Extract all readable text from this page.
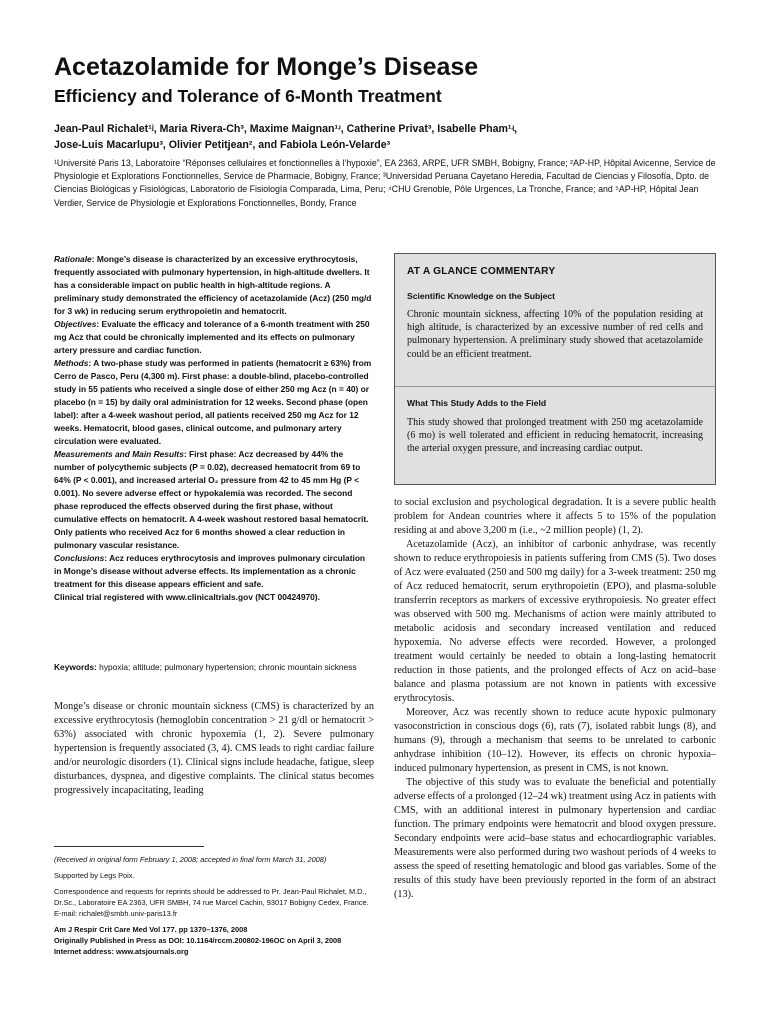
Acetazolamide for Monge’s Disease
Efficiency and Tolerance of 6-Month Treatment
Jean-Paul Richalet¹ʲ, Maria Rivera-Ch³, Maxime Maignan¹ʴ, Catherine Privat³, Isabelle Pham¹ʵ,
Jose-Luis Macarlupu³, Olivier Petitjean², and Fabiola León-Velarde³

¹Université Paris 13, Laboratoire “Réponses cellulaires et fonctionnelles à l’hypoxie”, EA 2363, ARPE, UFR SMBH, Bobigny, France; ²AP-HP, Hôpital Avicenne, Service de Physiologie et Explorations Fonctionnelles, Service de Pharmacie, Bobigny, France; ³Universidad Peruana Cayetano Heredia, Facultad de Ciencias y Filosofía, Dpto. de Ciencias Biológicas y Fisiológicas, Laboratorio de Fisiología Comparada, Lima, Peru; ⁴CHU Grenoble, Pôle Urgences, La Tronche, France; and ⁵AP-HP, Hôpital Jean Verdier, Service de Physiologie et Explorations Fonctionnelles, Bondy, France

Rationale: Monge’s disease is characterized by an excessive erythrocytosis, frequently associated with pulmonary hypertension, in high-altitude dwellers. It has a considerable impact on public health in high-altitude regions. A preliminary study demonstrated the efficiency of acetazolamide (Acz) (250 mg/d for 3 wk) in reducing serum erythropoietin and hematocrit.

Objectives: Evaluate the efficacy and tolerance of a 6-month treatment with 250 mg Acz that could be chronically implemented and its effects on pulmonary artery pressure and cardiac function.

Methods: A two-phase study was performed in patients (hematocrit ≥ 63%) from Cerro de Pasco, Peru (4,300 m). First phase: a double-blind, placebo-controlled study in 55 patients who received a single dose of either 250 mg Acz (n = 40) or placebo (n = 15) by daily oral administration for 12 weeks. Second phase (open label): after a 4-week washout period, all patients received 250 mg Acz for 12 weeks. Hematocrit, blood gases, clinical outcome, and pulmonary artery circulation were evaluated.

Measurements and Main Results: First phase: Acz decreased by 44% the number of polycythemic subjects (P = 0.02), decreased hematocrit from 69 to 64% (P < 0.001), and increased arterial O₂ pressure from 42 to 45 mm Hg (P < 0.001). No severe adverse effect or hypokalemia was recorded. The second phase reproduced the effects observed during the first phase, without cumulative effects on hematocrit. A 4-week washout restored basal hematocrit. Only patients who received Acz for 6 months showed a clear reduction in pulmonary vascular resistance.

Conclusions: Acz reduces erythrocytosis and improves pulmonary circulation in Monge’s disease without adverse effects. Its implementation as a chronic treatment for this disease appears efficient and safe.

Clinical trial registered with www.clinicaltrials.gov (NCT 00424970).

Keywords: hypoxia; altitude; pulmonary hypertension; chronic mountain sickness

Monge’s disease or chronic mountain sickness (CMS) is characterized by an excessive erythrocytosis (hemoglobin concentration > 21 g/dl or hematocrit > 63%) associated with chronic hypoxemia (1, 2). Severe pulmonary hypertension is frequently associated (3, 4). CMS leads to right cardiac failure and/or neurologic disorders (1). Clinical signs include headache, fatigue, sleep disturbances, dyspnea, and digestive complaints. The clinical status becomes progressively incapacitating, leading

(Received in original form February 1, 2008; accepted in final form March 31, 2008)

Supported by Legs Poix.

Correspondence and requests for reprints should be addressed to Pr. Jean-Paul Richalet, M.D., Dr.Sc., Laboratoire EA 2363, UFR SMBH, 74 rue Marcel Cachin, 93017 Bobigny Cedex, France. E-mail: richalet@smbh.univ-paris13.fr

Am J Respir Crit Care Med Vol 177. pp 1370–1376, 2008

Originally Published in Press as DOI: 10.1164/rccm.200802-196OC on April 3, 2008

Internet address: www.atsjournals.org

AT A GLANCE COMMENTARY

Scientific Knowledge on the Subject

Chronic mountain sickness, affecting 10% of the population residing at high altitude, is characterized by an excessive number of red cells and pulmonary hypertension. A preliminary study showed that acetazolamide could be an efficient treatment.

What This Study Adds to the Field

This study showed that prolonged treatment with 250 mg acetazolamide (6 mo) is well tolerated and efficient in reducing hematocrit, increasing the arterial oxygen pressure, and increasing cardiac output.

to social exclusion and psychological degradation. It is a severe public health problem for Andean countries where it affects 5 to 15% of the population residing at and above 3,200 m (i.e., ~2 million people) (1, 2).

Acetazolamide (Acz), an inhibitor of carbonic anhydrase, was recently shown to reduce erythropoiesis in patients suffering from CMS (5). Two doses of Acz were evaluated (250 and 500 mg daily) for a 3-week treatment: 250 mg of Acz reduced hematocrit, serum erythropoietin (EPO), and plasma-soluble transferrin receptors as markers of excessive erythropoiesis. No greater effect was observed with 500 mg. Mechanisms of action were mainly attributed to metabolic acidosis and secondary increased ventilation and reduced hypoxemia. No adverse effects were recorded. However, a prolonged treatment would certainly be needed to obtain a long-lasting hematocrit reduction in those patients, and the prolonged effects of Acz on acid–base balance and plasma potassium are not known in patients with excessive erythrocytosis.

Moreover, Acz was recently shown to reduce acute hypoxic pulmonary vasoconstriction in conscious dogs (6), rats (7), isolated rabbit lungs (8), and humans (9), through a mechanism that seems to be unrelated to carbonic anhydrase inhibition (10–12). However, its effects on chronic hypoxia–induced pulmonary hypertension, as present in CMS, is not known.

The objective of this study was to evaluate the beneficial and potentially adverse effects of a prolonged (12–24 wk) treatment using Acz in patients with CMS, with an additional interest in pulmonary hypertension and cardiac function. The primary endpoints were hematocrit and blood oxygen pressure. Secondary endpoints were acid–base status and echocardiographic variables. Measurements were also performed during two washout periods of 4 weeks to assess the speed of resetting hematologic and blood gas variables. Some of the results of this study have been previously reported in the form of an abstract (13).
